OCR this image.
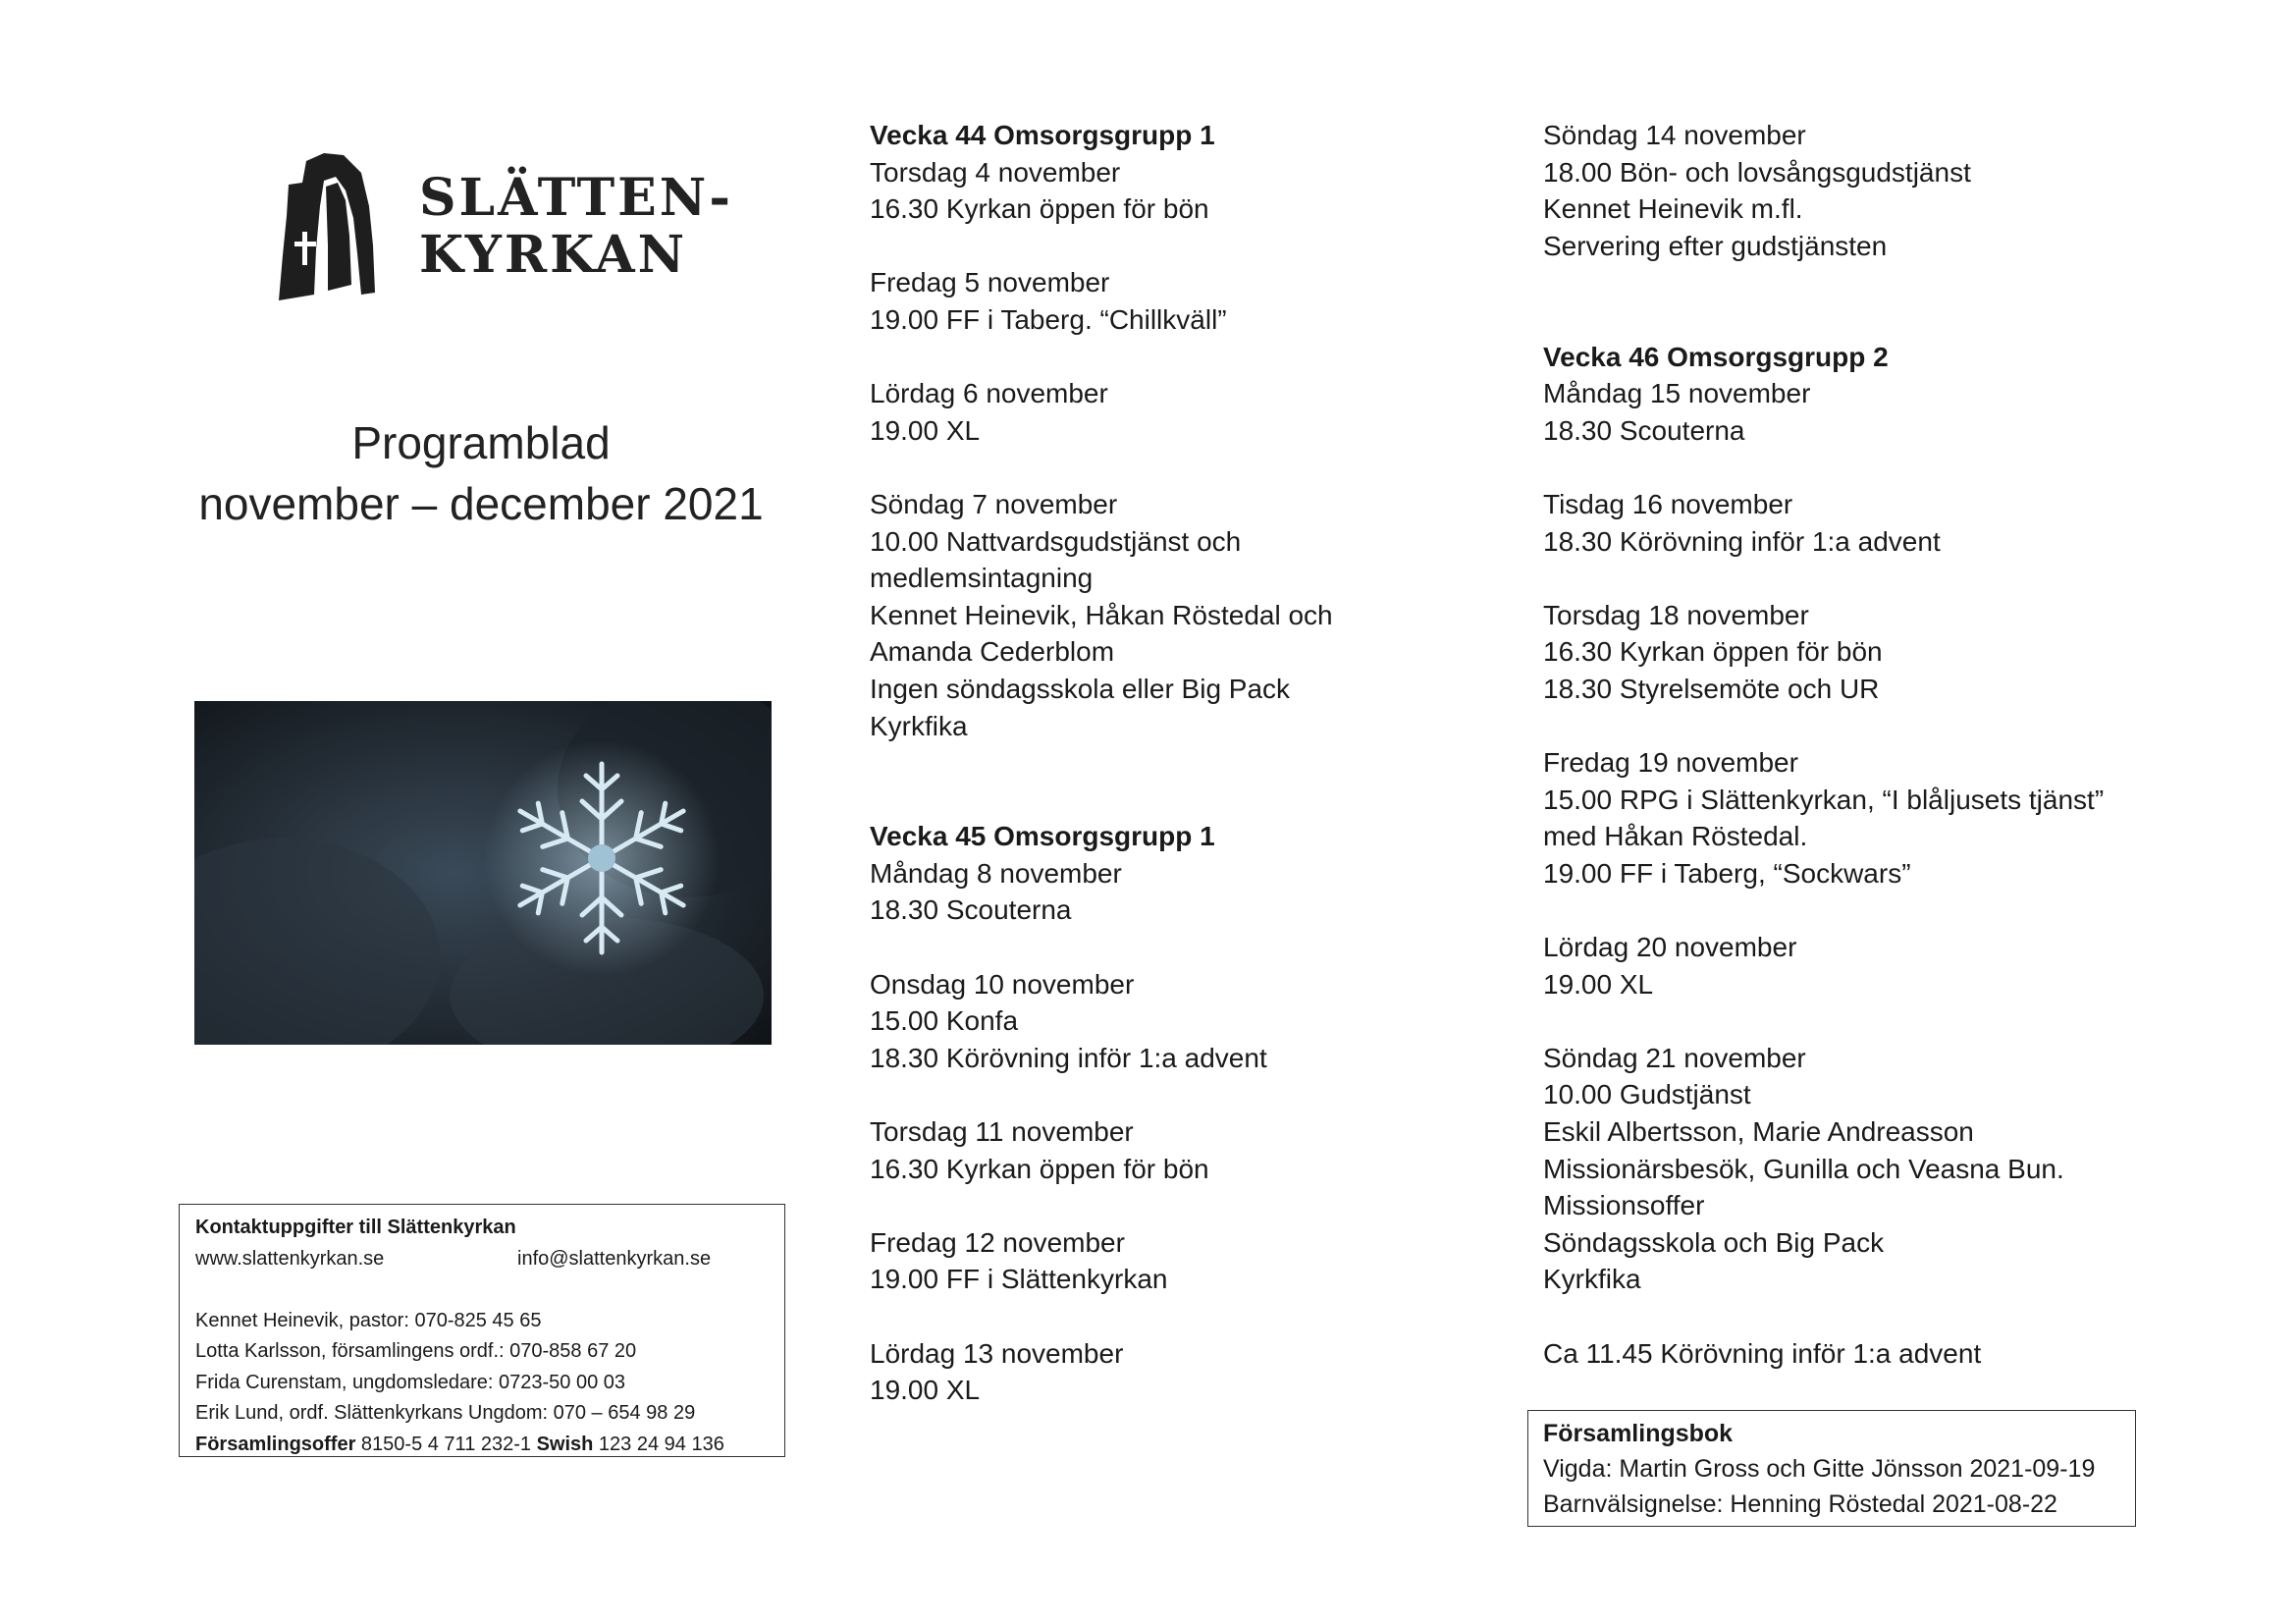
SLÄTTEN-
KYRKAN
Programblad
november – december 2021
Kontaktuppgifter till Slättenkyrkan
www.slattenkyrkan.se	info@slattenkyrkan.se
Kennet Heinevik, pastor: 070-825 45 65
Lotta Karlsson, församlingens ordf.: 070-858 67 20
Frida Curenstam, ungdomsledare: 0723-50 00 03
Erik Lund, ordf. Slättenkyrkans Ungdom: 070 – 654 98 29
Församlingsoffer 8150-5 4 711 232-1 Swish 123 24 94 136
Vecka 44 Omsorgsgrupp 1
Torsdag 4 november
16.30 Kyrkan öppen för bön
Fredag 5 november
19.00 FF i Taberg. “Chillkväll”
Lördag 6 november
19.00 XL
Söndag 7 november
10.00 Nattvardsgudstjänst och
medlemsintagning
Kennet Heinevik, Håkan Röstedal och
Amanda Cederblom
Ingen söndagsskola eller Big Pack
Kyrkfika
Vecka 45 Omsorgsgrupp 1
Måndag 8 november
18.30 Scouterna
Onsdag 10 november
15.00 Konfa
18.30 Körövning inför 1:a advent
Torsdag 11 november
16.30 Kyrkan öppen för bön
Fredag 12 november
19.00 FF i Slättenkyrkan
Lördag 13 november
19.00 XL
Söndag 14 november
18.00 Bön- och lovsångsgudstjänst
Kennet Heinevik m.fl.
Servering efter gudstjänsten
Vecka 46 Omsorgsgrupp 2
Måndag 15 november
18.30 Scouterna
Tisdag 16 november
18.30 Körövning inför 1:a advent
Torsdag 18 november
16.30 Kyrkan öppen för bön
18.30 Styrelsemöte och UR
Fredag 19 november
15.00 RPG i Slättenkyrkan, “I blåljusets tjänst”
med Håkan Röstedal.
19.00 FF i Taberg, “Sockwars”
Lördag 20 november
19.00 XL
Söndag 21 november
10.00 Gudstjänst
Eskil Albertsson, Marie Andreasson
Missionärsbesök, Gunilla och Veasna Bun.
Missionsoffer
Söndagsskola och Big Pack
Kyrkfika
Ca 11.45 Körövning inför 1:a advent
Församlingsbok
Vigda: Martin Gross och Gitte Jönsson 2021-09-19
Barnvälsignelse: Henning Röstedal 2021-08-22
